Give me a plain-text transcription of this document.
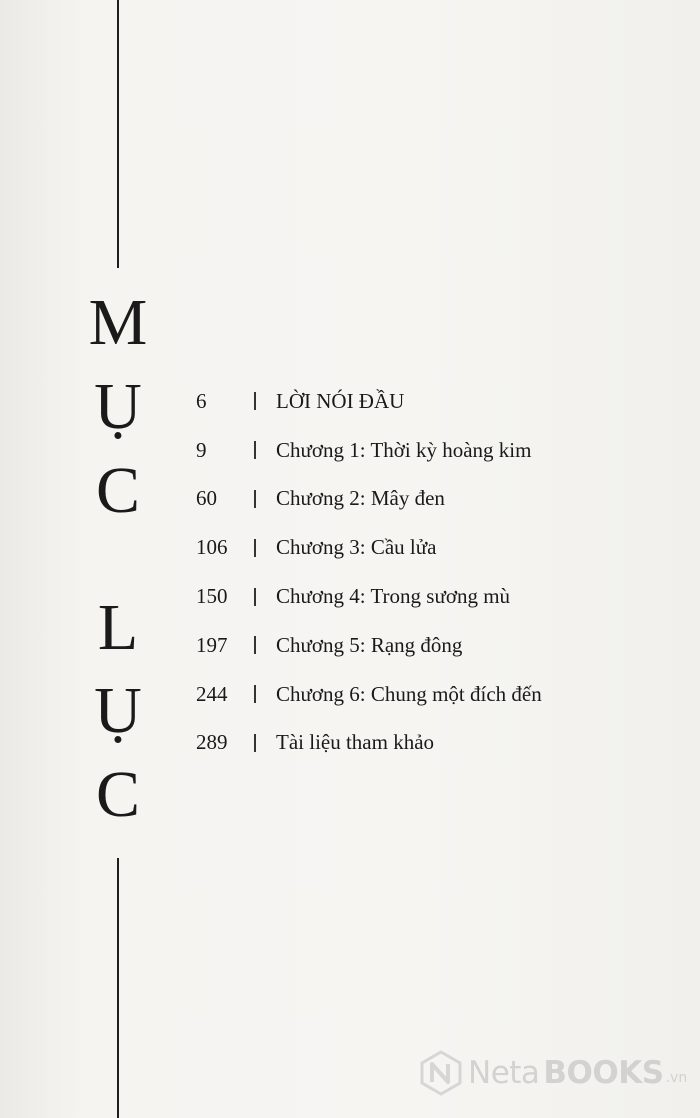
M
Ụ
C
L
Ụ
C
6	LỜI NÓI ĐẦU
9	Chương 1: Thời kỳ hoàng kim
60	Chương 2: Mây đen
106	Chương 3: Cầu lửa
150	Chương 4: Trong sương mù
197	Chương 5: Rạng đông
244	Chương 6: Chung một đích đến
289	Tài liệu tham khảo
Neta BOOKS .vn
